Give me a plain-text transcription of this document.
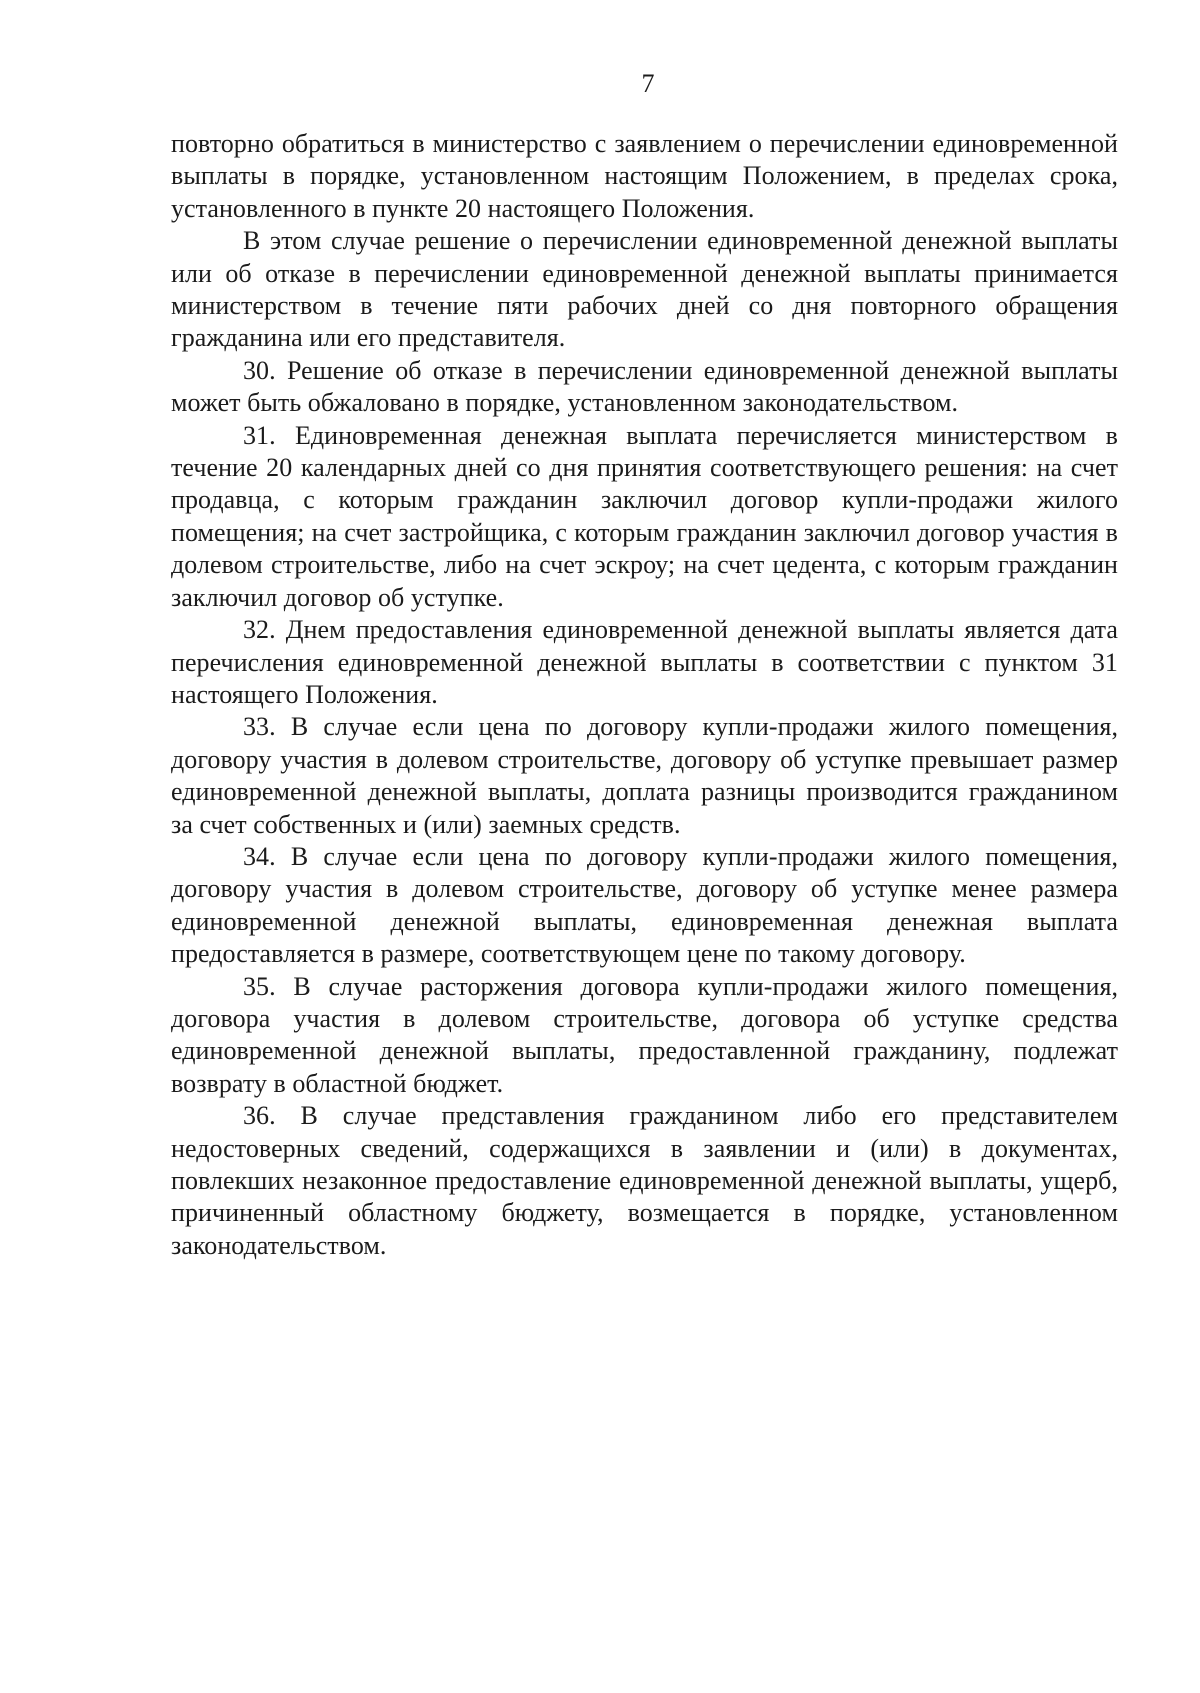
7

повторно обратиться в министерство с заявлением о перечислении единовременной выплаты в порядке, установленном настоящим Положением, в пределах срока, установленного в пункте 20 настоящего Положения.

В этом случае решение о перечислении единовременной денежной выплаты или об отказе в перечислении единовременной денежной выплаты принимается министерством в течение пяти рабочих дней со дня повторного обращения гражданина или его представителя.

30. Решение об отказе в перечислении единовременной денежной выплаты может быть обжаловано в порядке, установленном законодательством.

31. Единовременная денежная выплата перечисляется министерством в течение 20 календарных дней со дня принятия соответствующего решения: на счет продавца, с которым гражданин заключил договор купли-продажи жилого помещения; на счет застройщика, с которым гражданин заключил договор участия в долевом строительстве, либо на счет эскроу; на счет цедента, с которым гражданин заключил договор об уступке.

32. Днем предоставления единовременной денежной выплаты является дата перечисления единовременной денежной выплаты в соответствии с пунктом 31 настоящего Положения.

33. В случае если цена по договору купли-продажи жилого помещения, договору участия в долевом строительстве, договору об уступке превышает размер единовременной денежной выплаты, доплата разницы производится гражданином за счет собственных и (или) заемных средств.

34. В случае если цена по договору купли-продажи жилого помещения, договору участия в долевом строительстве, договору об уступке менее размера единовременной денежной выплаты, единовременная денежная выплата предоставляется в размере, соответствующем цене по такому договору.

35. В случае расторжения договора купли-продажи жилого помещения, договора участия в долевом строительстве, договора об уступке средства единовременной денежной выплаты, предоставленной гражданину, подлежат возврату в областной бюджет.

36. В случае представления гражданином либо его представителем недостоверных сведений, содержащихся в заявлении и (или) в документах, повлекших незаконное предоставление единовременной денежной выплаты, ущерб, причиненный областному бюджету, возмещается в порядке, установленном законодательством.
